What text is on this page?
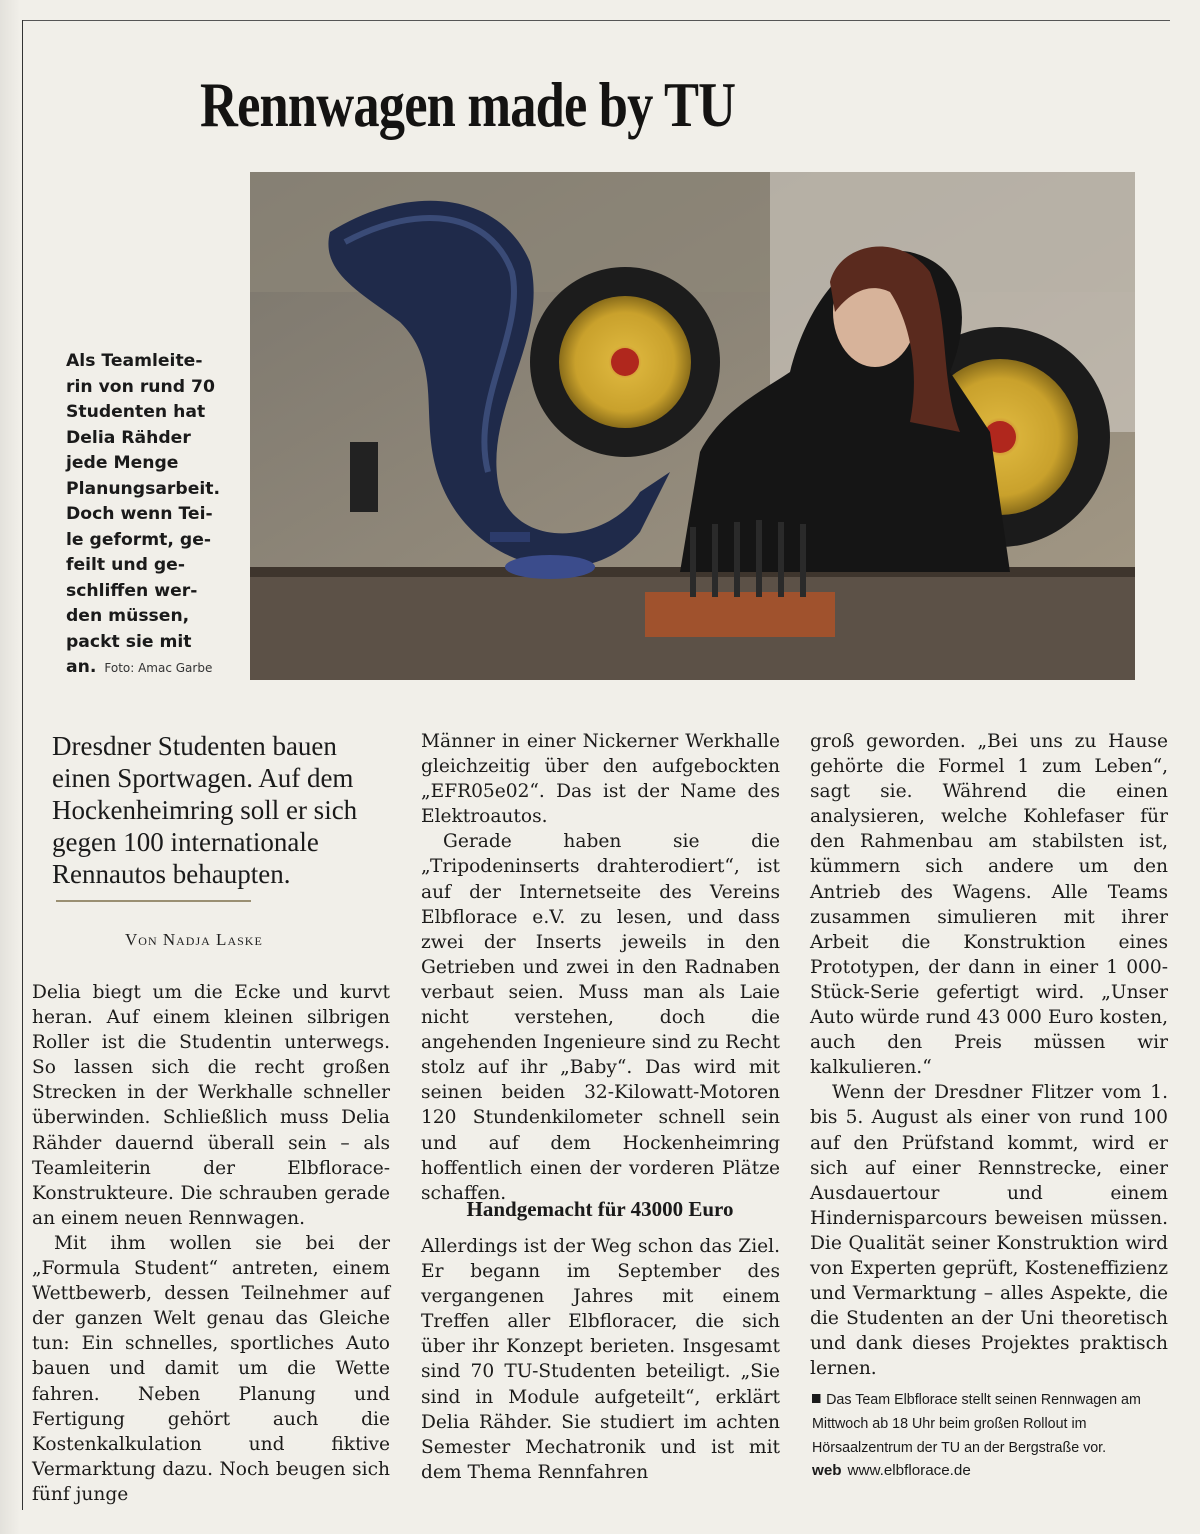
Rennwagen made by TU
Als Teamleite-
rin von rund 70
Studenten hat
Delia Rähder
jede Menge
Planungsarbeit.
Doch wenn Tei-
le geformt, ge-
feilt und ge-
schliffen wer-
den müssen,
packt sie mit
an. Foto: Amac Garbe
Dresdner Studenten bauen einen Sportwagen. Auf dem Hockenheimring soll er sich gegen 100 internationale Rennautos behaupten.
Von Nadja Laske

Delia biegt um die Ecke und kurvt heran. Auf einem kleinen silbrigen Roller ist die Studentin unterwegs. So lassen sich die recht großen Strecken in der Werkhalle schneller überwinden. Schließlich muss Delia Rähder dauernd überall sein – als Teamleiterin der Elbflorace-Konstrukteure. Die schrauben gerade an einem neuen Rennwagen.

Mit ihm wollen sie bei der „Formula Student“ antreten, einem Wettbewerb, dessen Teilnehmer auf der ganzen Welt genau das Gleiche tun: Ein schnelles, sportliches Auto bauen und damit um die Wette fahren. Neben Planung und Fertigung gehört auch die Kostenkalkulation und fiktive Vermarktung dazu. Noch beugen sich fünf junge

Männer in einer Nickerner Werkhalle gleichzeitig über den aufgebockten „EFR05e02“. Das ist der Name des Elektroautos.

Gerade haben sie die „Tripodeninserts drahterodiert“, ist auf der Internetseite des Vereins Elbflorace e.V. zu lesen, und dass zwei der Inserts jeweils in den Getrieben und zwei in den Radnaben verbaut seien. Muss man als Laie nicht verstehen, doch die angehenden Ingenieure sind zu Recht stolz auf ihr „Baby“. Das wird mit seinen beiden 32-Kilowatt-Motoren 120 Stundenkilometer schnell sein und auf dem Hockenheimring hoffentlich einen der vorderen Plätze schaffen.

Handgemacht für 43000 Euro

Allerdings ist der Weg schon das Ziel. Er begann im September des vergangenen Jahres mit einem Treffen aller Elbfloracer, die sich über ihr Konzept berieten. Insgesamt sind 70 TU-Studenten beteiligt. „Sie sind in Module aufgeteilt“, erklärt Delia Rähder. Sie studiert im achten Semester Mechatronik und ist mit dem Thema Rennfahren

groß geworden. „Bei uns zu Hause gehörte die Formel 1 zum Leben“, sagt sie. Während die einen analysieren, welche Kohlefaser für den Rahmenbau am stabilsten ist, kümmern sich andere um den Antrieb des Wagens. Alle Teams zusammen simulieren mit ihrer Arbeit die Konstruktion eines Prototypen, der dann in einer 1 000-Stück-Serie gefertigt wird. „Unser Auto würde rund 43 000 Euro kosten, auch den Preis müssen wir kalkulieren.“

Wenn der Dresdner Flitzer vom 1. bis 5. August als einer von rund 100 auf den Prüfstand kommt, wird er sich auf einer Rennstrecke, einer Ausdauertour und einem Hindernisparcours beweisen müssen. Die Qualität seiner Konstruktion wird von Experten geprüft, Kosteneffizienz und Vermarktung – alles Aspekte, die die Studenten an der Uni theoretisch und dank dieses Projektes praktisch lernen.

Das Team Elbflorace stellt seinen Rennwagen am Mittwoch ab 18 Uhr beim großen Rollout im Hörsaalzentrum der TU an der Bergstraße vor.
web www.elbflorace.de
